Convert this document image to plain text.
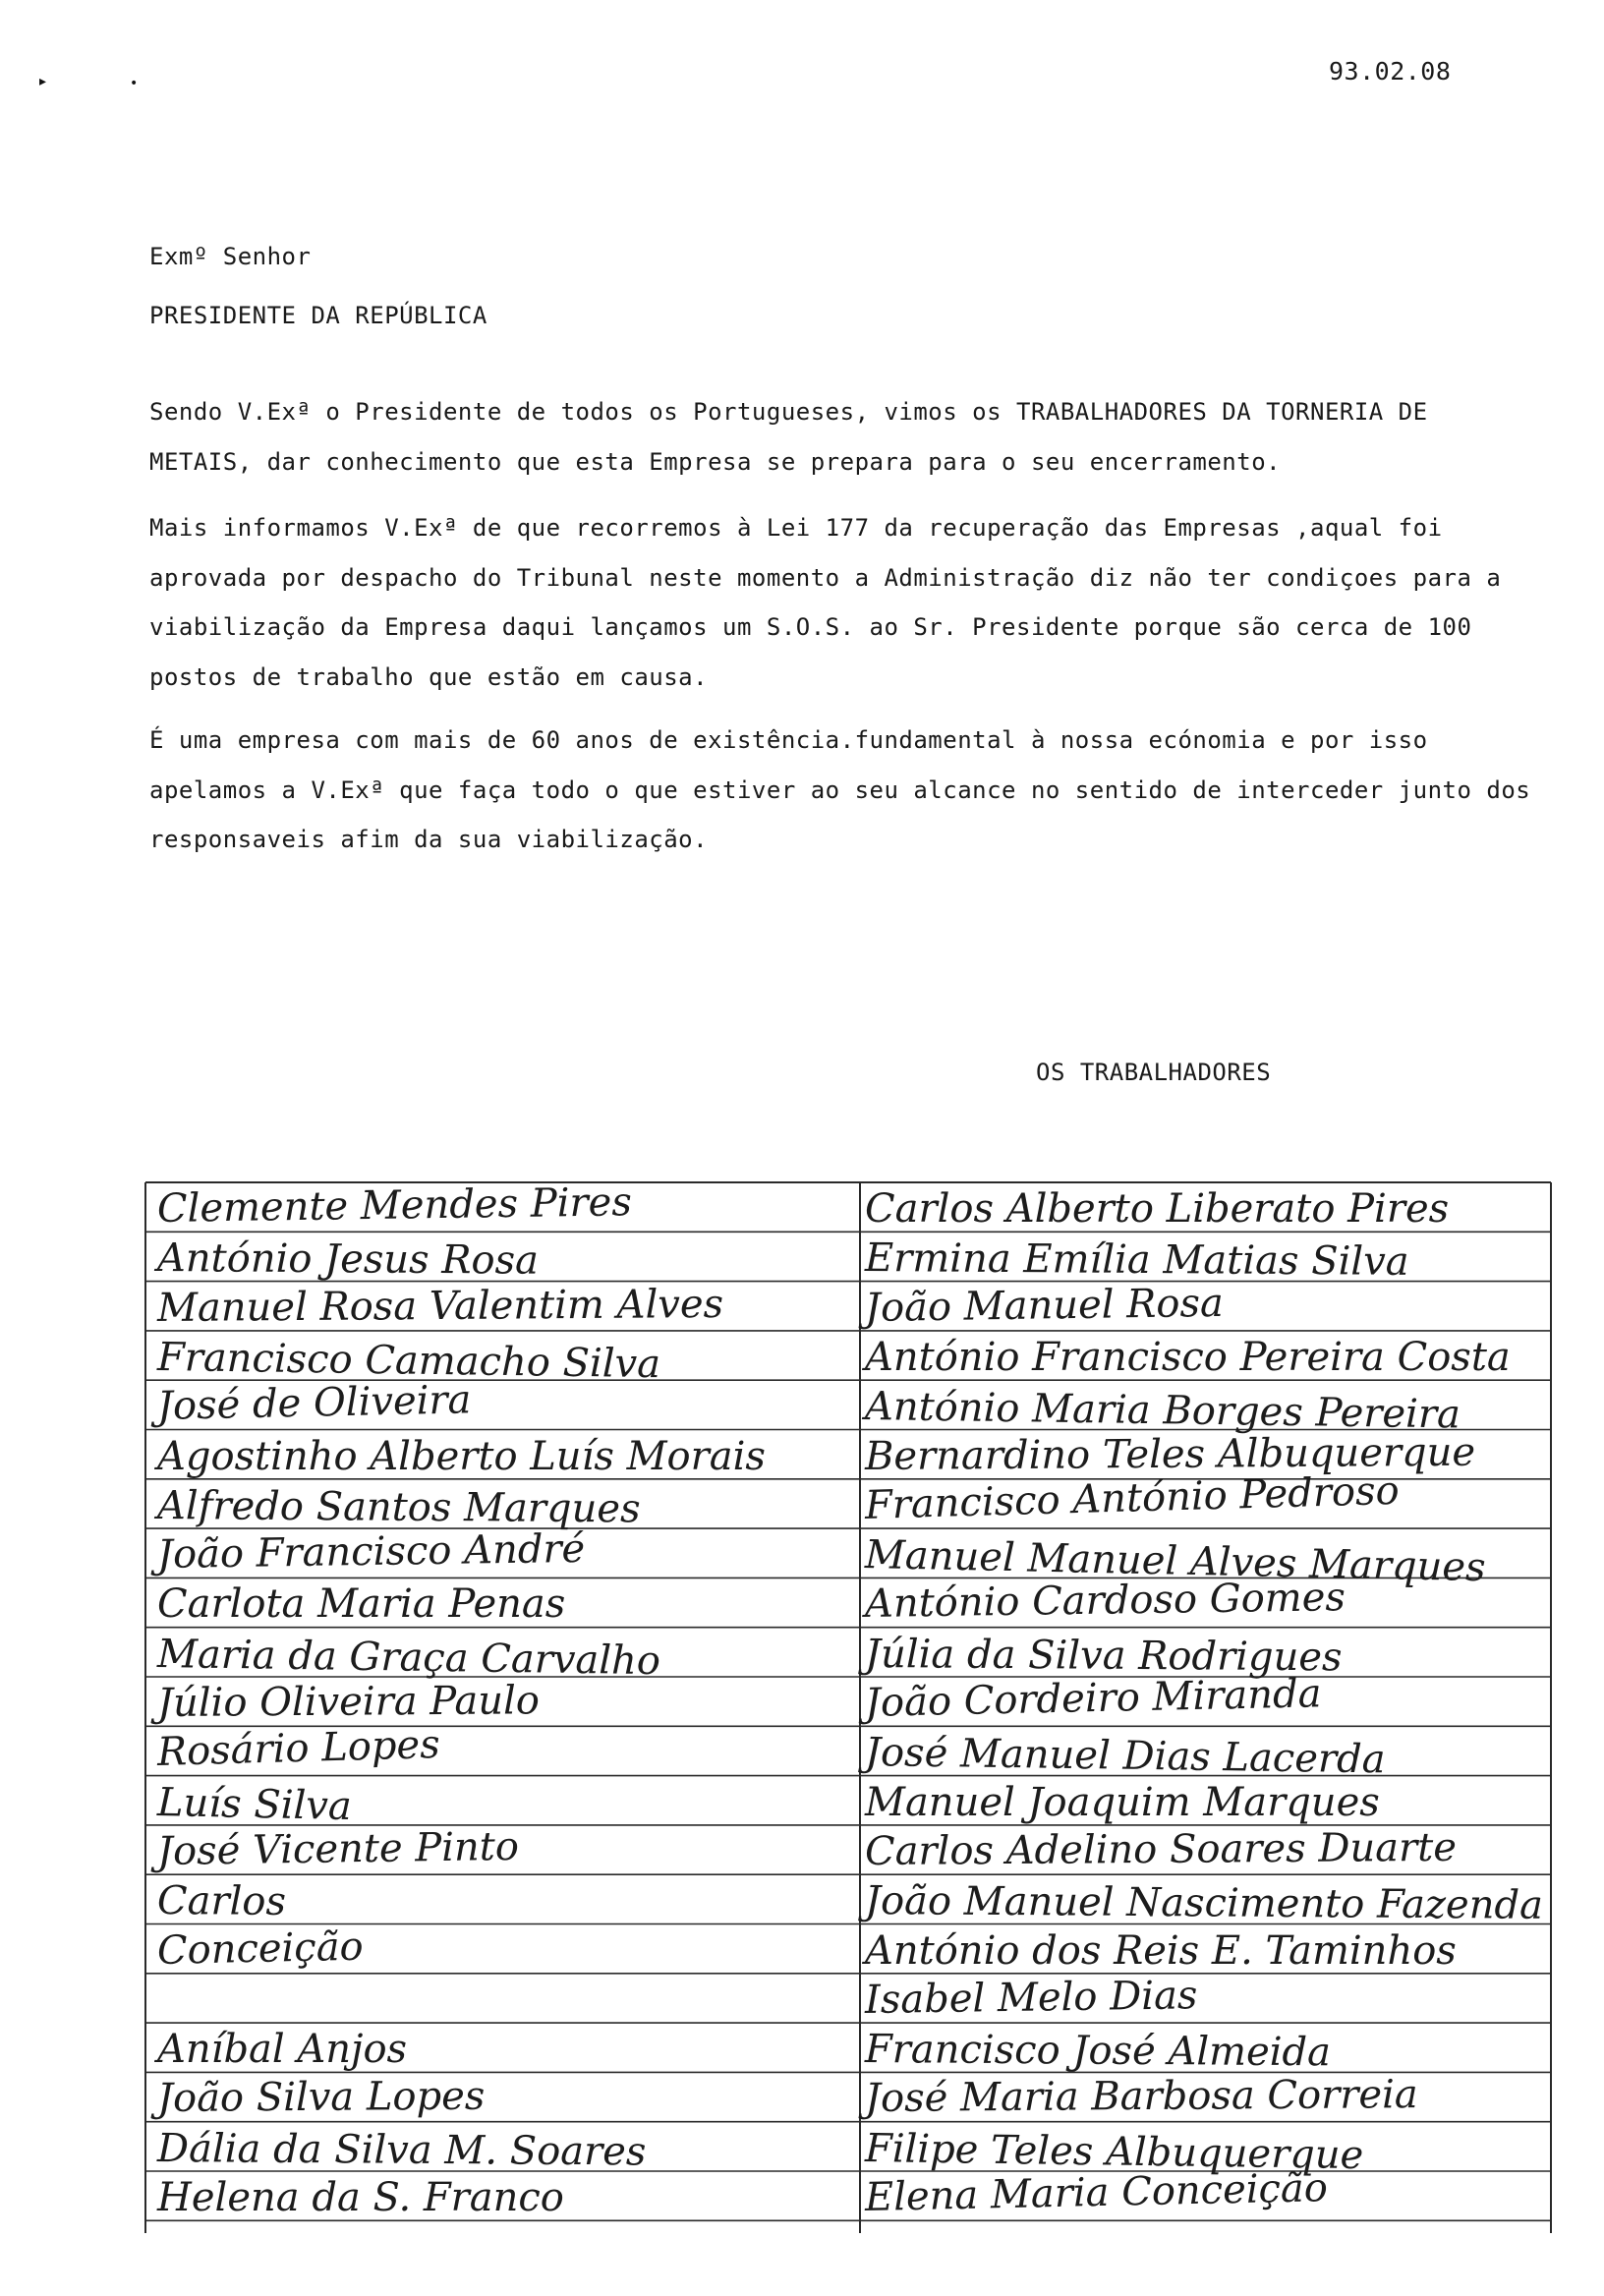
▸	•	93.02.08
Exmº Senhor
PRESIDENTE DA REPÚBLICA
Sendo V.Exª o Presidente de todos os Portugueses, vimos os TRABALHADORES DA TORNERIA DE METAIS, dar conhecimento que esta Empresa se prepara para o seu encerramento.
Mais informamos V.Exª de que recorremos à Lei 177 da recuperação das Empresas ,aqual foi aprovada por despacho do Tribunal neste momento a Administração diz não ter condiçoes para a viabilização da Empresa daqui lançamos um S.O.S. ao Sr. Presidente porque são cerca de 100 postos de trabalho que estão em causa.
É uma empresa com mais de 60 anos de existência.fundamental à nossa ecónomia e por isso apelamos a V.Exª que faça todo o que estiver ao seu alcance no sentido de interceder junto dos responsaveis afim da sua viabilização.
OS TRABALHADORES
Clemente Mendes Pires
António Jesus Rosa
Manuel Rosa Valentim Alves
Francisco Camacho Silva
José de Oliveira
Agostinho Alberto Luís Morais
Alfredo Santos Marques
João Francisco André
Carlota Maria Penas
Maria da Graça Carvalho
Júlio Oliveira Paulo
Rosário Lopes
Luís Silva
José Vicente Pinto
Carlos
Conceição
Aníbal Anjos
João Silva Lopes
Dália da Silva M. Soares
Helena da S. Franco
Carlos Alberto Liberato Pires
Ermina Emília Matias Silva
João Manuel Rosa
António Francisco Pereira Costa
António Maria Borges Pereira
Bernardino Teles Albuquerque
Francisco António Pedroso
Manuel Manuel Alves Marques
António Cardoso Gomes
Júlia da Silva Rodrigues
João Cordeiro Miranda
José Manuel Dias Lacerda
Manuel Joaquim Marques
Carlos Adelino Soares Duarte
João Manuel Nascimento Fazenda
António dos Reis E. Taminhos
Isabel Melo Dias
Francisco José Almeida
José Maria Barbosa Correia
Filipe Teles Albuquerque
Elena Maria Conceição
